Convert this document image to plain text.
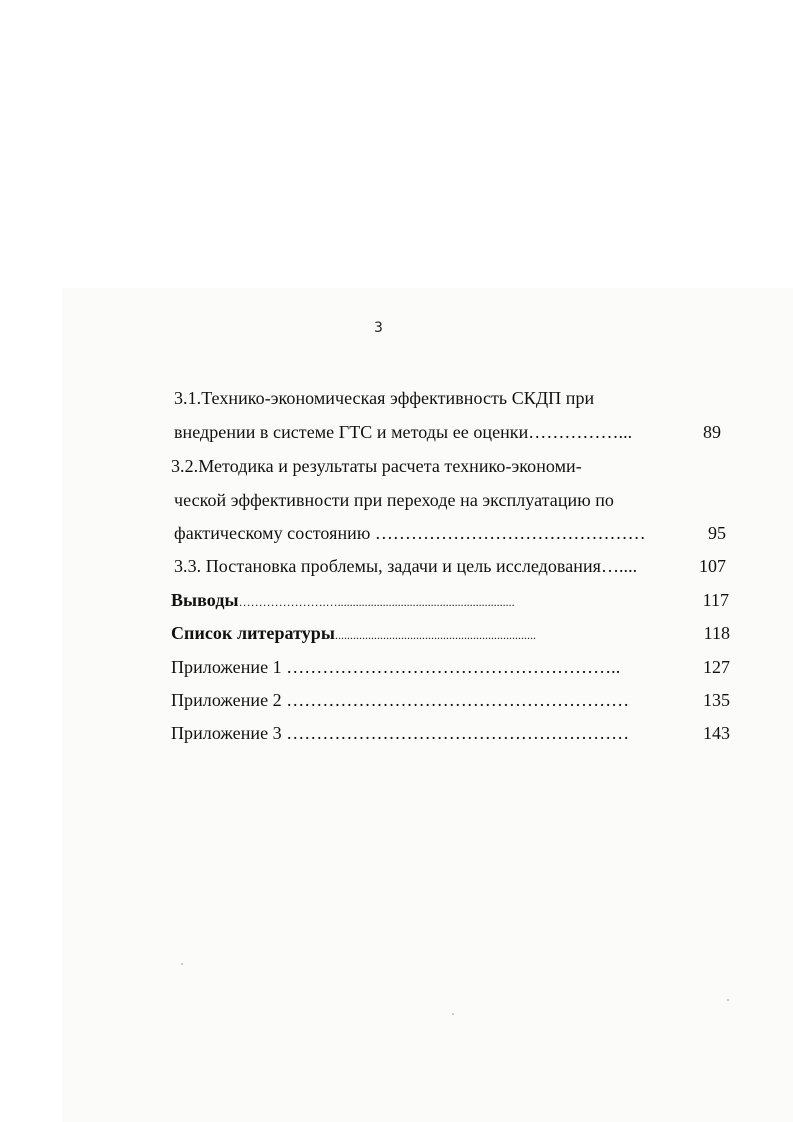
3
3.1.Технико-экономическая эффективность СКДП при
внедрении в системе ГТС и методы ее оценки……………...	89
3.2.Методика и результаты расчета технико-экономи-
ческой эффективности при переходе на эксплуатацию по
фактическому состоянию ………………………………………	95
3.3. Постановка проблемы, задачи и цель исследования…....	107
Выводы………………….…...........................................................	117
Список литературы...................................................................	118
Приложение 1 ………………………………………………..	127
Приложение 2 …………………………………………………	135
Приложение 3 …………………………………………………	143
